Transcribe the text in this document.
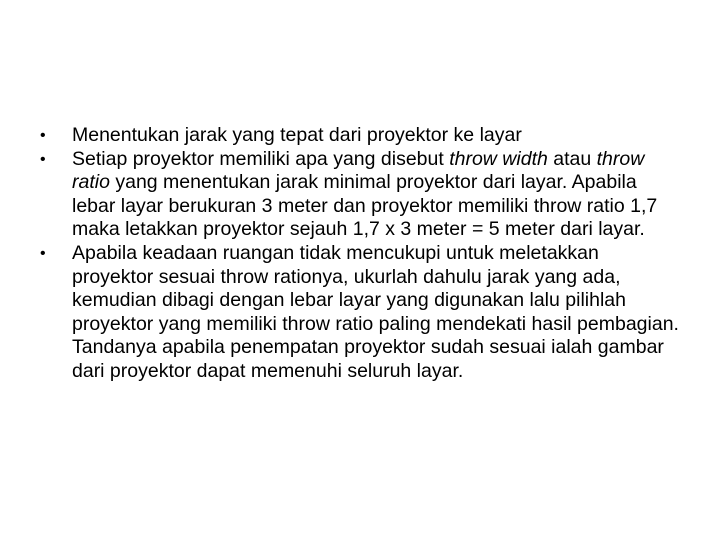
•
Menentukan jarak yang tepat dari proyektor ke layar
•
Setiap proyektor memiliki apa yang disebut throw width atau throw ratio yang menentukan jarak minimal proyektor dari layar. Apabila lebar layar berukuran 3 meter dan proyektor memiliki throw ratio 1,7 maka letakkan proyektor sejauh 1,7 x 3 meter = 5 meter dari layar.
•
Apabila keadaan ruangan tidak mencukupi untuk meletakkan proyektor sesuai throw rationya, ukurlah dahulu jarak yang ada, kemudian dibagi dengan lebar layar yang digunakan lalu pilihlah proyektor yang memiliki throw ratio paling mendekati hasil pembagian. Tandanya apabila penempatan proyektor sudah sesuai ialah gambar dari proyektor dapat memenuhi seluruh layar.
